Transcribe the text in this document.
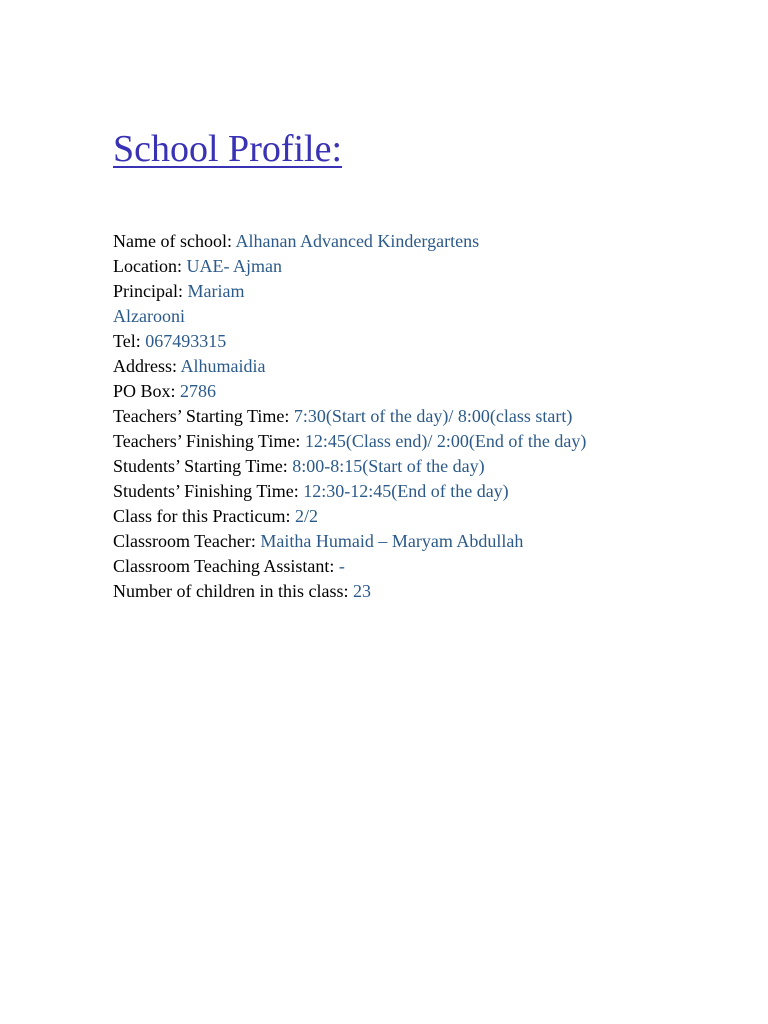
School Profile:
Name of school: Alhanan Advanced Kindergartens
Location: UAE- Ajman
Principal: Mariam
Alzarooni
Tel: 067493315
Address: Alhumaidia
PO Box: 2786
Teachers’ Starting Time: 7:30(Start of the day)/ 8:00(class start)
Teachers’ Finishing Time: 12:45(Class end)/ 2:00(End of the day)
Students’ Starting Time: 8:00-8:15(Start of the day)
Students’ Finishing Time: 12:30-12:45(End of the day)
Class for this Practicum: 2/2
Classroom Teacher: Maitha Humaid – Maryam Abdullah
Classroom Teaching Assistant: -
Number of children in this class: 23
